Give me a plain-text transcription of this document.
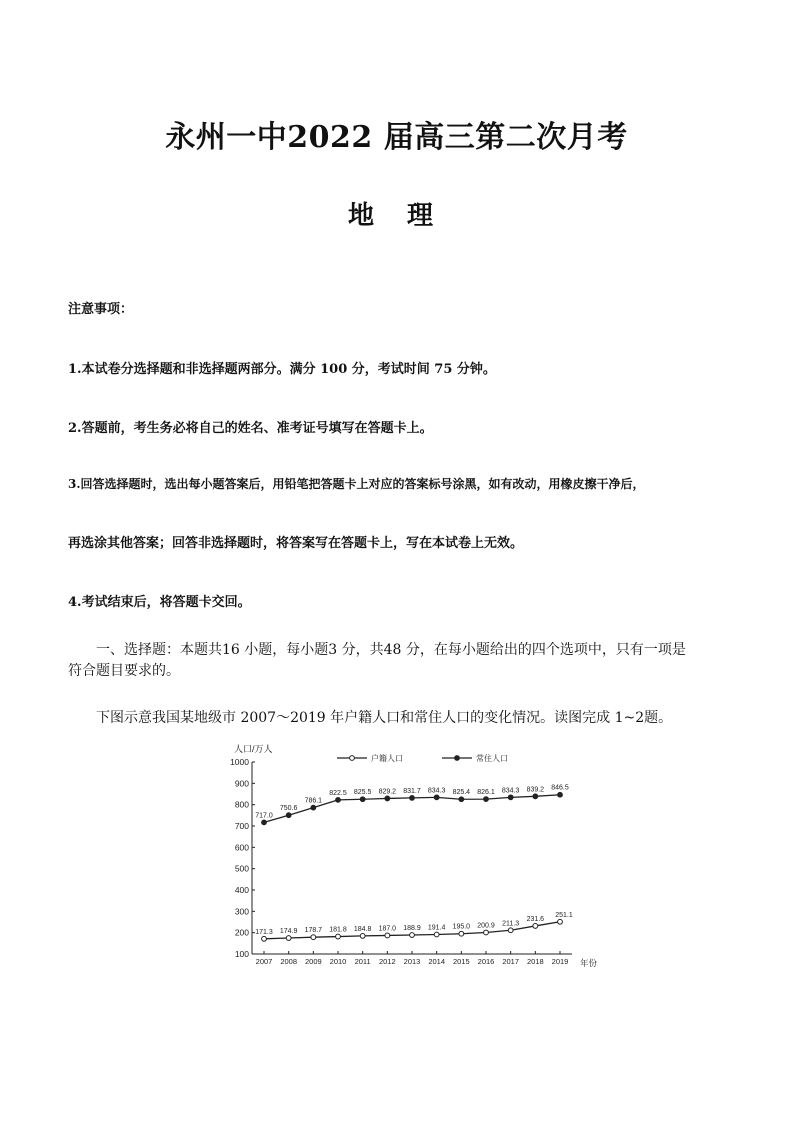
永州一中2022 届高三第二次月考
地 理
注意事项：
1.本试卷分选择题和非选择题两部分。满分 100 分，考试时间 75 分钟。
2.答题前，考生务必将自己的姓名、准考证号填写在答题卡上。
3.回答选择题时，选出每小题答案后，用铅笔把答题卡上对应的答案标号涂黑，如有改动，用橡皮擦干净后，
再选涂其他答案；回答非选择题时，将答案写在答题卡上，写在本试卷上无效。
4.考试结束后，将答题卡交回。
一、选择题：本题共16 小题，每小题3 分，共48 分，在每小题给出的四个选项中，只有一项是
符合题目要求的。
下图示意我国某地级市 2007～2019 年户籍人口和常住人口的变化情况。读图完成 1~2题。
人口/万人
年份
100
200
300
400
500
600
700
800
900
1000
2007 2008 2009 2010 2011 2012 2013 2014 2015 2016 2017 2018 2019
171.3 174.9 178.7 181.8 184.8 187.0 188.9 191.4 195.0 200.9 211.3
231.6
251.1
717.0
750.6
786.1
822.5 825.5 829.2 831.7 834.3 825.4 826.1 834.3 839.2 846.5
户籍人口	常住人口
